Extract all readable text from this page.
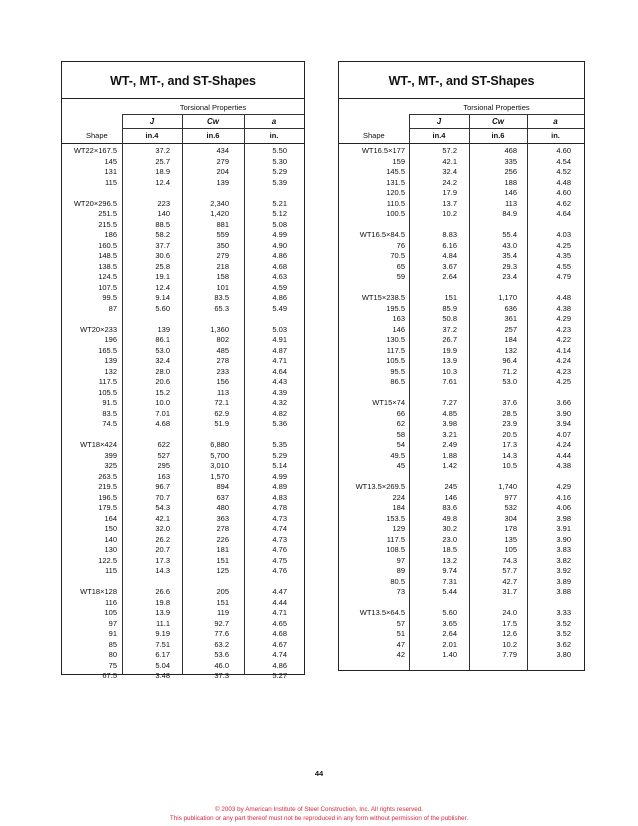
WT-, MT-, and ST-Shapes
Torsional Properties
J	Cw	a
Shape	in.4	in.6	in.
WT22×167.5	37.2	434	5.50
145	25.7	279	5.30
131	18.9	204	5.29
115	12.4	139	5.39
WT20×296.5	223	2,340	5.21
251.5	140	1,420	5.12
215.5	88.5	881	5.08
186	58.2	559	4.99
160.5	37.7	350	4.90
148.5	30.6	279	4.86
138.5	25.8	218	4.68
124.5	19.1	158	4.63
107.5	12.4	101	4.59
99.5	9.14	83.5	4.86
87	5.60	65.3	5.49
WT20×233	139	1,360	5.03
196	86.1	802	4.91
165.5	53.0	485	4.87
139	32.4	278	4.71
132	28.0	233	4.64
117.5	20.6	156	4.43
105.5	15.2	113	4.39
91.5	10.0	72.1	4.32
83.5	7.01	62.9	4.82
74.5	4.68	51.9	5.36
WT18×424	622	6,880	5.35
399	527	5,700	5.29
325	295	3,010	5.14
263.5	163	1,570	4.99
219.5	96.7	894	4.89
196.5	70.7	637	4.83
179.5	54.3	480	4.78
164	42.1	363	4.73
150	32.0	278	4.74
140	26.2	226	4.73
130	20.7	181	4.76
122.5	17.3	151	4.75
115	14.3	125	4.76
WT18×128	26.6	205	4.47
116	19.8	151	4.44
105	13.9	119	4.71
97	11.1	92.7	4.65
91	9.19	77.6	4.68
85	7.51	63.2	4.67
80	6.17	53.6	4.74
75	5.04	46.0	4.86
67.5	3.48	37.3	5.27
WT-, MT-, and ST-Shapes
Torsional Properties
J	Cw	a
Shape	in.4	in.6	in.
WT16.5×177	57.2	468	4.60
159	42.1	335	4.54
145.5	32.4	256	4.52
131.5	24.2	188	4.48
120.5	17.9	146	4.60
110.5	13.7	113	4.62
100.5	10.2	84.9	4.64
WT16.5×84.5	8.83	55.4	4.03
76	6.16	43.0	4.25
70.5	4.84	35.4	4.35
65	3.67	29.3	4.55
59	2.64	23.4	4.79
WT15×238.5	151	1,170	4.48
195.5	85.9	636	4.38
163	50.8	361	4.29
146	37.2	257	4.23
130.5	26.7	184	4.22
117.5	19.9	132	4.14
105.5	13.9	96.4	4.24
95.5	10.3	71.2	4.23
86.5	7.61	53.0	4.25
WT15×74	7.27	37.6	3.66
66	4.85	28.5	3.90
62	3.98	23.9	3.94
58	3.21	20.5	4.07
54	2.49	17.3	4.24
49.5	1.88	14.3	4.44
45	1.42	10.5	4.38
WT13.5×269.5	245	1,740	4.29
224	146	977	4.16
184	83.6	532	4.06
153.5	49.8	304	3.98
129	30.2	178	3.91
117.5	23.0	135	3.90
108.5	18.5	105	3.83
97	13.2	74.3	3.82
89	9.74	57.7	3.92
80.5	7.31	42.7	3.89
73	5.44	31.7	3.88
WT13.5×64.5	5.60	24.0	3.33
57	3.65	17.5	3.52
51	2.64	12.6	3.52
47	2.01	10.2	3.62
42	1.40	7.79	3.80
44
© 2003 by American Institute of Steel Construction, Inc. All rights reserved.
This publication or any part thereof must not be reproduced in any form without permission of the publisher.
